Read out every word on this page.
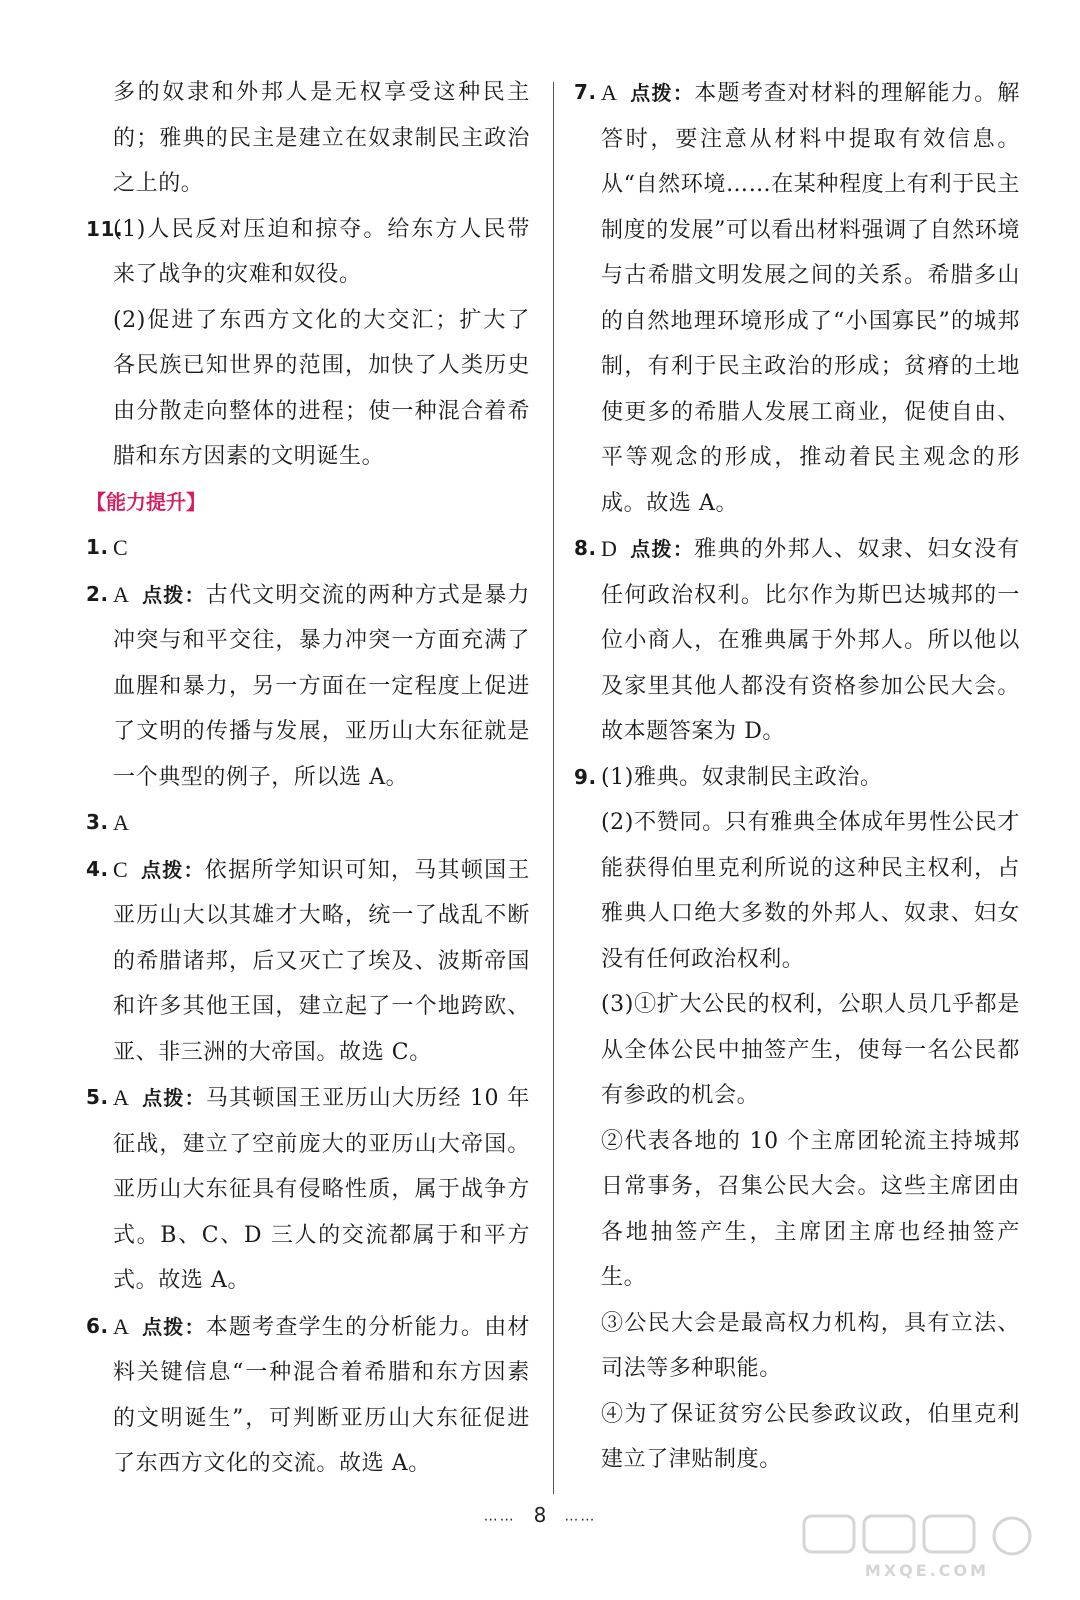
多的奴隶和外邦人是无权享受这种民主的；雅典的民主是建立在奴隶制民主政治之上的。
11.
(1)人民反对压迫和掠夺。给东方人民带来了战争的灾难和奴役。
(2)促进了东西方文化的大交汇；扩大了各民族已知世界的范围，加快了人类历史由分散走向整体的进程；使一种混合着希腊和东方因素的文明诞生。
【能力提升】
1. C
2. A 点拨：古代文明交流的两种方式是暴力冲突与和平交往，暴力冲突一方面充满了血腥和暴力，另一方面在一定程度上促进了文明的传播与发展，亚历山大东征就是一个典型的例子，所以选 A。
3. A
4. C 点拨：依据所学知识可知，马其顿国王亚历山大以其雄才大略，统一了战乱不断的希腊诸邦，后又灭亡了埃及、波斯帝国和许多其他王国，建立起了一个地跨欧、亚、非三洲的大帝国。故选 C。
5. A 点拨：马其顿国王亚历山大历经 10 年征战，建立了空前庞大的亚历山大帝国。亚历山大东征具有侵略性质，属于战争方式。B、C、D 三人的交流都属于和平方式。故选 A。
6. A 点拨：本题考查学生的分析能力。由材料关键信息“一种混合着希腊和东方因素的文明诞生”，可判断亚历山大东征促进了东西方文化的交流。故选 A。
7. A 点拨：本题考查对材料的理解能力。解答时，要注意从材料中提取有效信息。从“自然环境……在某种程度上有利于民主制度的发展”可以看出材料强调了自然环境与古希腊文明发展之间的关系。希腊多山的自然地理环境形成了“小国寡民”的城邦制，有利于民主政治的形成；贫瘠的土地使更多的希腊人发展工商业，促使自由、平等观念的形成，推动着民主观念的形成。故选 A。
8. D 点拨：雅典的外邦人、奴隶、妇女没有任何政治权利。比尔作为斯巴达城邦的一位小商人，在雅典属于外邦人。所以他以及家里其他人都没有资格参加公民大会。故本题答案为 D。
9. (1)雅典。奴隶制民主政治。
(2)不赞同。只有雅典全体成年男性公民才能获得伯里克利所说的这种民主权利，占雅典人口绝大多数的外邦人、奴隶、妇女没有任何政治权利。
(3)①扩大公民的权利，公职人员几乎都是从全体公民中抽签产生，使每一名公民都有参政的机会。
②代表各地的 10 个主席团轮流主持城邦日常事务，召集公民大会。这些主席团由各地抽签产生，主席团主席也经抽签产生。
③公民大会是最高权力机构，具有立法、司法等多种职能。
④为了保证贫穷公民参政议政，伯里克利建立了津贴制度。
…… 8 ……
MXQE.COM
